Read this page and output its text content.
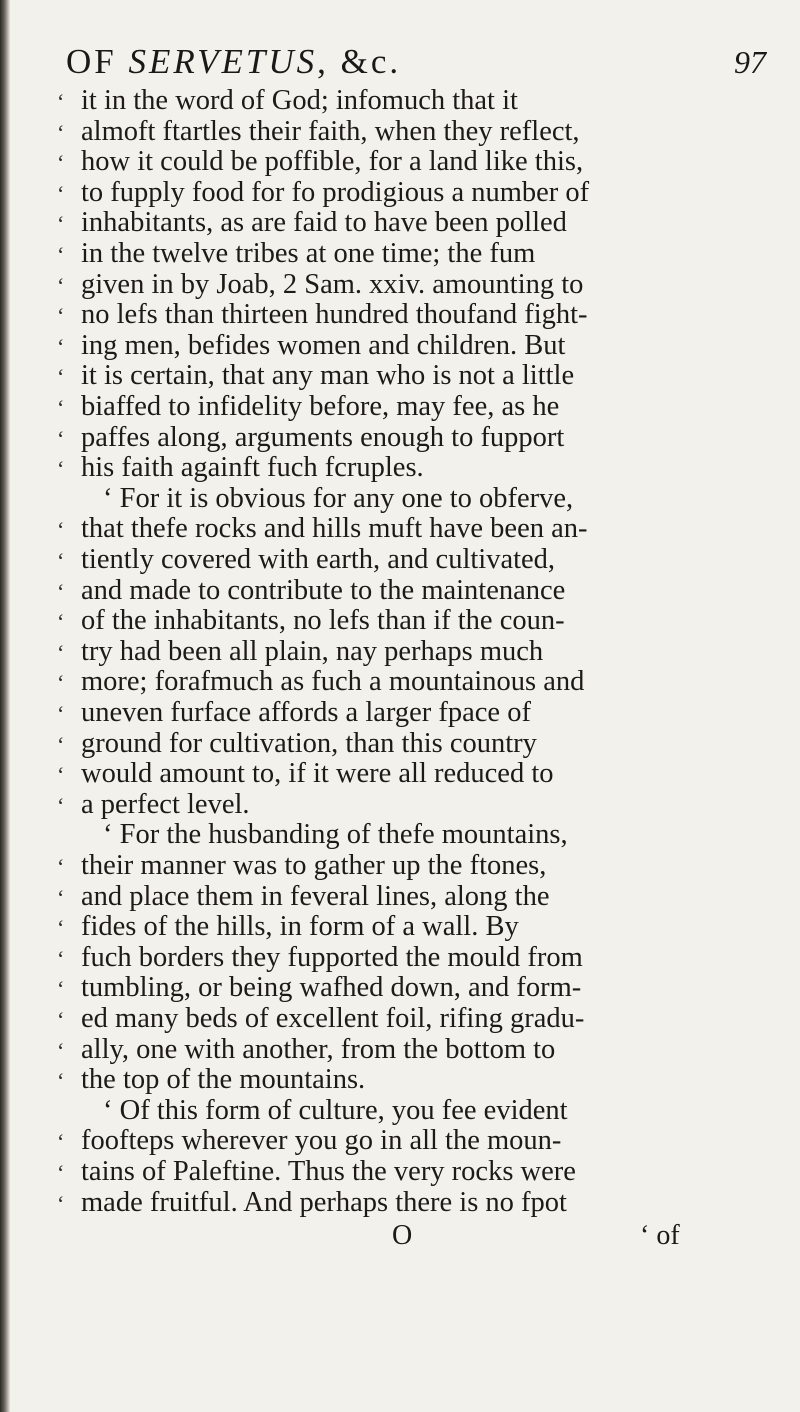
OF SERVETUS, &c.	97
‘ it in the word of God; infomuch that it
‘ almoft ftartles their faith, when they reflect,
‘ how it could be poffible, for a land like this,
‘ to fupply food for fo prodigious a number of
‘ inhabitants, as are faid to have been polled
‘ in the twelve tribes at one time; the fum
‘ given in by Joab, 2 Sam. xxiv. amounting to
‘ no lefs than thirteen hundred thoufand fight-
‘ ing men, befides women and children. But
‘ it is certain, that any man who is not a little
‘ biaffed to infidelity before, may fee, as he
‘ paffes along, arguments enough to fupport
‘ his faith againft fuch fcruples.
‘ For it is obvious for any one to obferve,
‘ that thefe rocks and hills muft have been an-
‘ tiently covered with earth, and cultivated,
‘ and made to contribute to the maintenance
‘ of the inhabitants, no lefs than if the coun-
‘ try had been all plain, nay perhaps much
‘ more; forafmuch as fuch a mountainous and
‘ uneven furface affords a larger fpace of
‘ ground for cultivation, than this country
‘ would amount to, if it were all reduced to
‘ a perfect level.
‘ For the husbanding of thefe mountains,
‘ their manner was to gather up the ftones,
‘ and place them in feveral lines, along the
‘ fides of the hills, in form of a wall. By
‘ fuch borders they fupported the mould from
‘ tumbling, or being wafhed down, and form-
‘ ed many beds of excellent foil, rifing gradu-
‘ ally, one with another, from the bottom to
‘ the top of the mountains.
‘ Of this form of culture, you fee evident
‘ foofteps wherever you go in all the moun-
‘ tains of Paleftine. Thus the very rocks were
‘ made fruitful. And perhaps there is no fpot
O	‘ of
